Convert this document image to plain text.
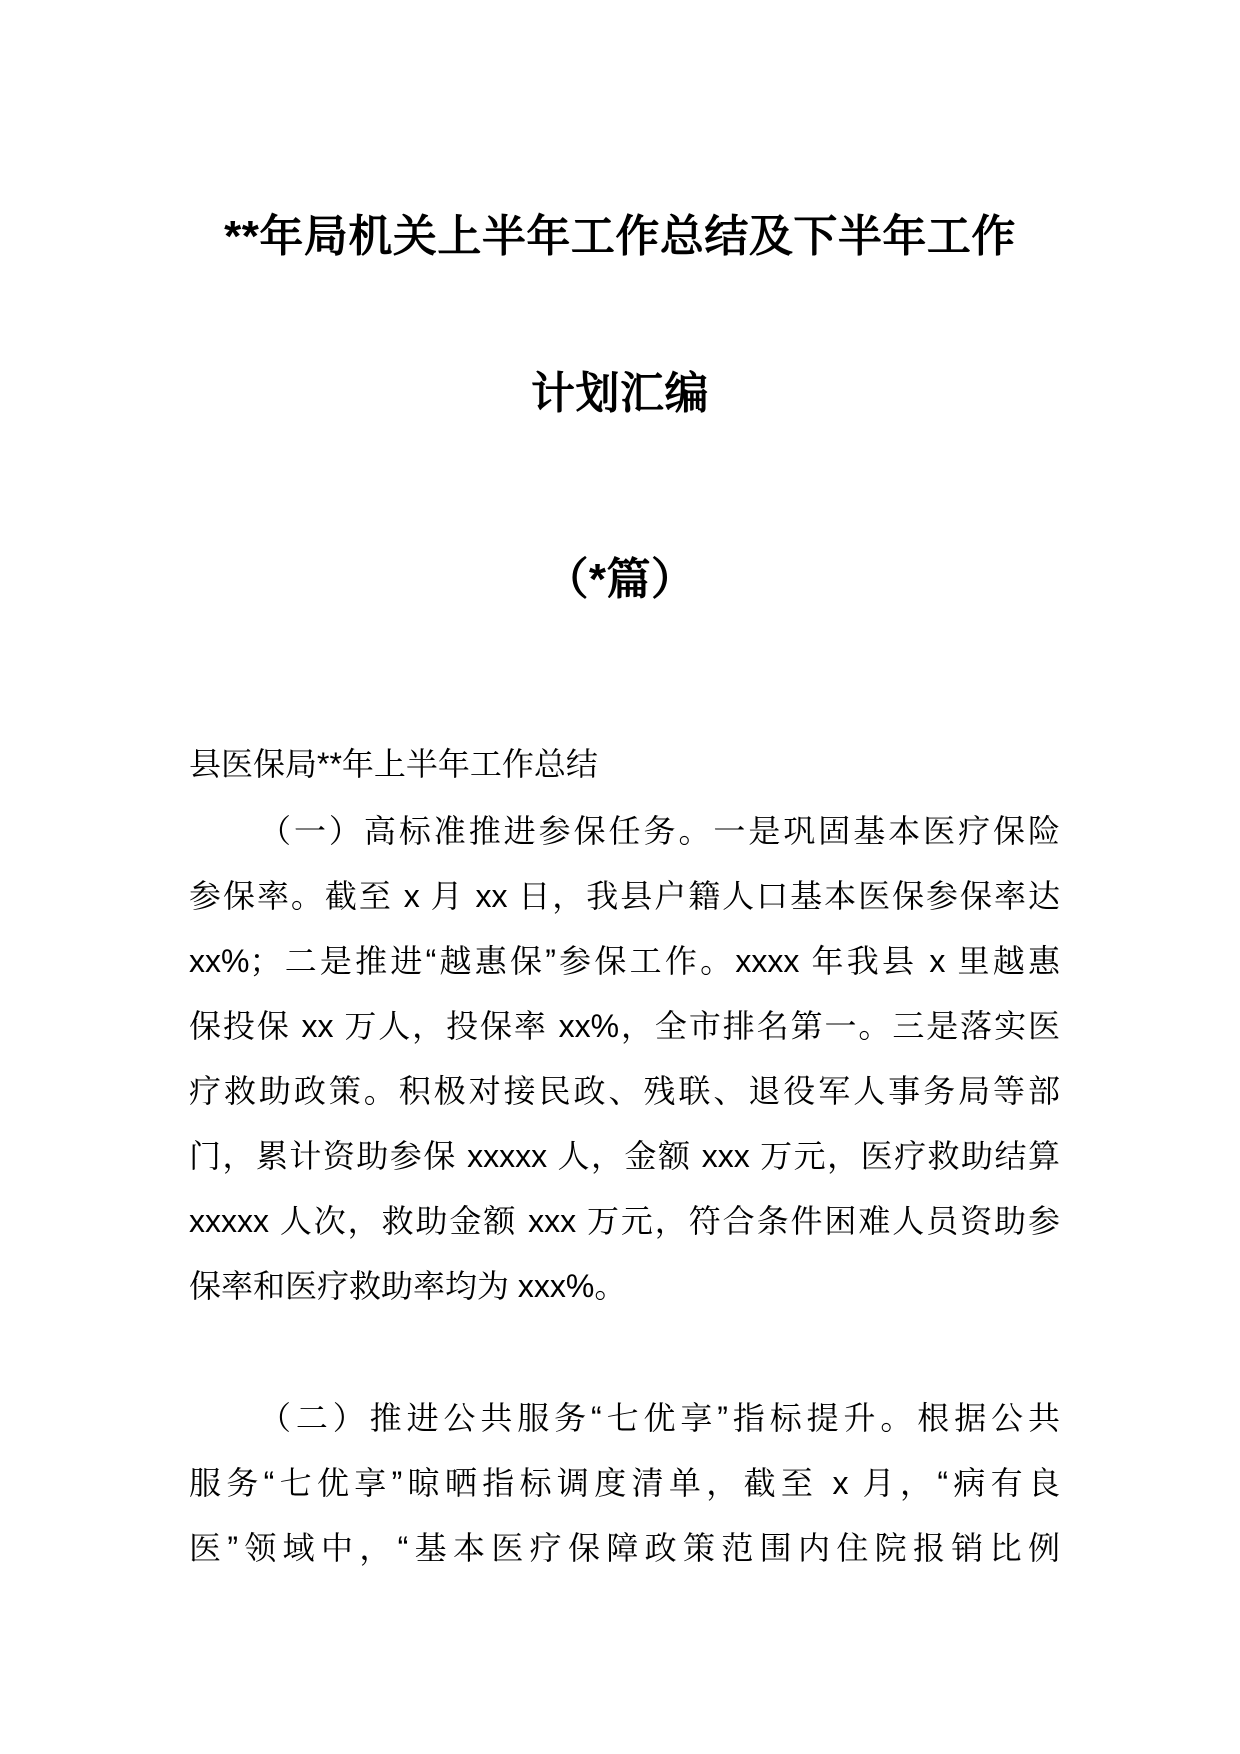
**年局机关上半年工作总结及下半年工作
计划汇编
（*篇）
县医保局**年上半年工作总结
（一）高标准推进参保任务。一是巩固基本医疗保险
参保率。截至 x 月 xx 日，我县户籍人口基本医保参保率达
xx%；二是推进“越惠保”参保工作。xxxx 年我县 x 里越惠
保投保 xx 万人，投保率 xx%，全市排名第一。三是落实医
疗救助政策。积极对接民政、残联、退役军人事务局等部
门，累计资助参保 xxxxx 人，金额 xxx 万元，医疗救助结算
xxxxx 人次，救助金额 xxx 万元，符合条件困难人员资助参
保率和医疗救助率均为 xxx%。
（二）推进公共服务“七优享”指标提升。根据公共
服务“七优享”晾晒指标调度清单，截至 x 月，“病有良
医”领域中，“基本医疗保障政策范围内住院报销比例
